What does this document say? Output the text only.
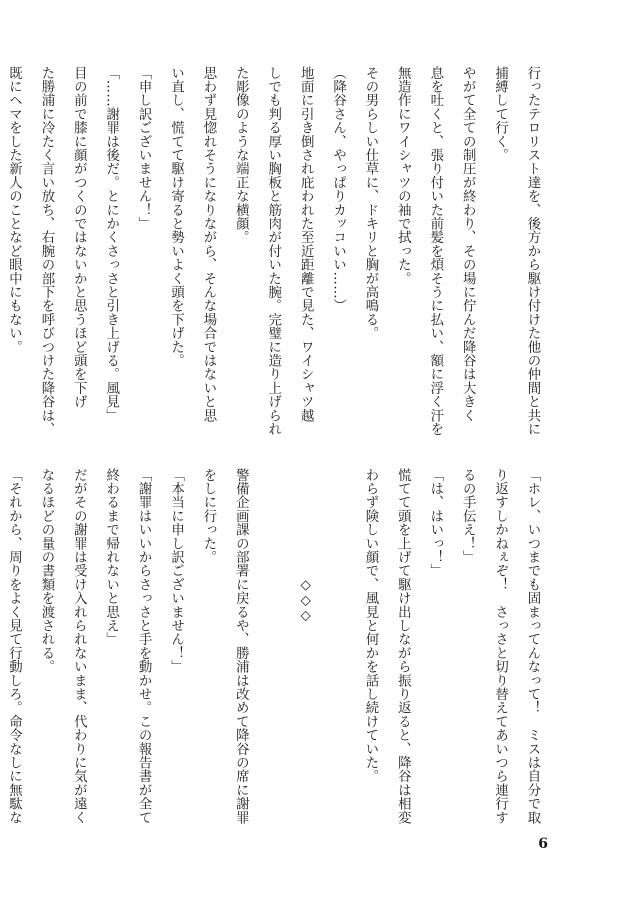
行ったテロリスト達を、後方から駆け付けた他の仲間と共に

捕縛して行く。

やがて全ての制圧が終わり、その場に佇んだ降谷は大きく

息を吐くと、張り付いた前髪を煩そうに払い、額に浮く汗を

無造作にワイシャツの袖で拭った。

その男らしい仕草に、ドキリと胸が高鳴る。

（降谷さん、やっぱりカッコいい……）

地面に引き倒され庇われた至近距離で見た、ワイシャツ越

しでも判る厚い胸板と筋肉が付いた腕。完璧に造り上げられ

た彫像のような端正な横顔。

思わず見惚れそうになりながら、そんな場合ではないと思

い直し、慌てて駆け寄ると勢いよく頭を下げた。

「申し訳ございません！」

「……謝罪は後だ。とにかくさっさと引き上げる。風見」

目の前で膝に顔がつくのではないかと思うほど頭を下げ

た勝浦に冷たく言い放ち、右腕の部下を呼びつけた降谷は、

既にヘマをした新人のことなど眼中にもない。

「ホレ、いつまでも固まってんなって！　ミスは自分で取

り返すしかねぇぞ！　さっさと切り替えてあいつら連行す

るの手伝え！」

「は、はいっ！」

慌てて頭を上げて駆け出しながら振り返ると、降谷は相変

わらず険しい顔で、風見と何かを話し続けていた。

◇◇◇

警備企画課の部署に戻るや、勝浦は改めて降谷の席に謝罪

をしに行った。

「本当に申し訳ございません！」

「謝罪はいいからさっさと手を動かせ。この報告書が全て

終わるまで帰れないと思え」

だがその謝罪は受け入れられないまま、代わりに気が遠く

なるほどの量の書類を渡される。

「それから、周りをよく見て行動しろ。命令なしに無駄な

6
